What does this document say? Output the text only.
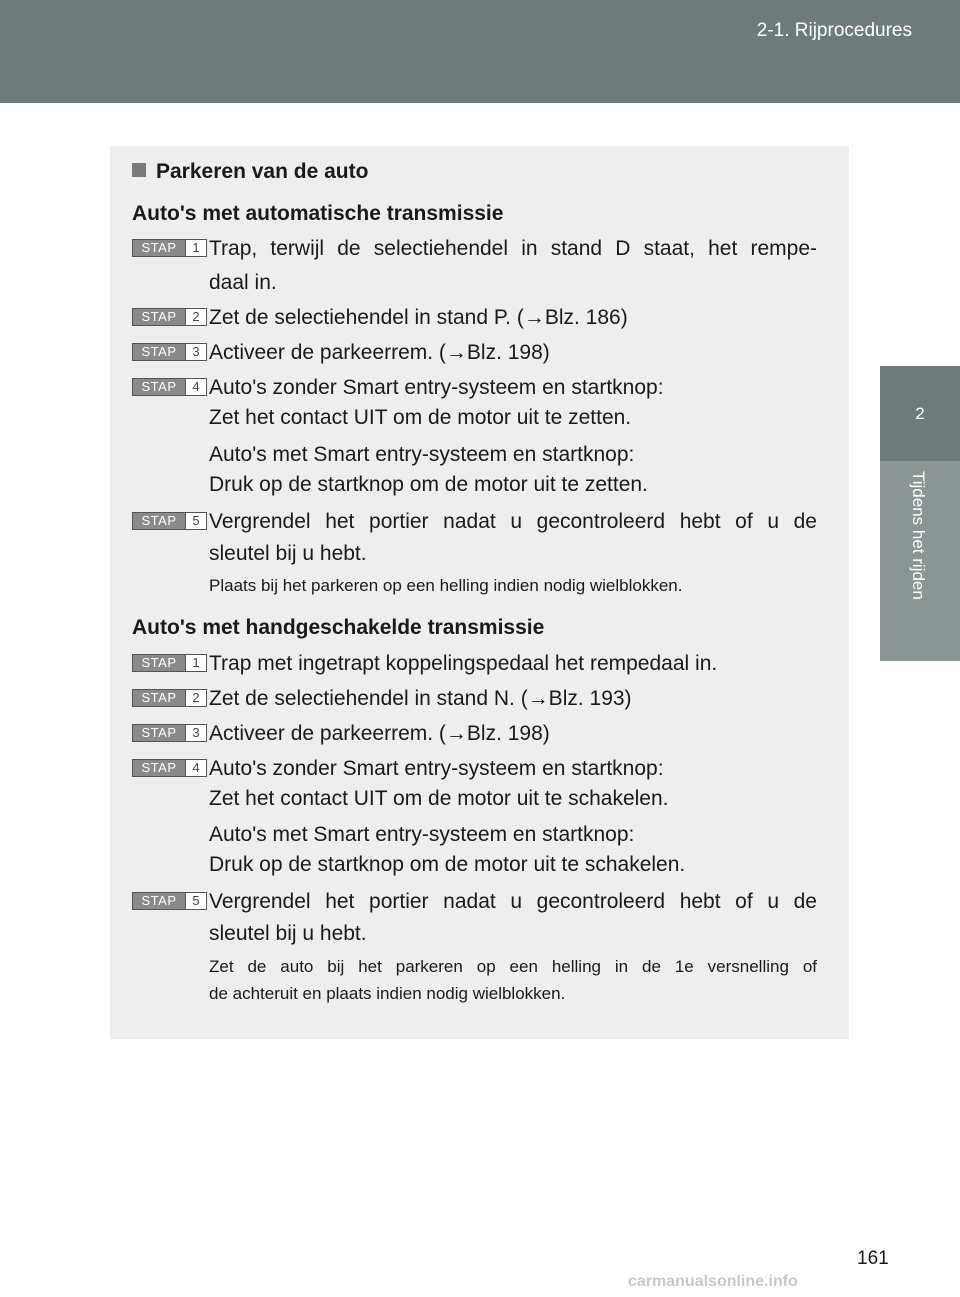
2-1. Rijprocedures
2
Tijdens het rijden
Parkeren van de auto
Auto's met automatische transmissie
STAP	1 Trap, terwijl de selectiehendel in stand D staat, het rempe-
daal in.
STAP	2 Zet de selectiehendel in stand P. (→Blz. 186)
STAP	3 Activeer de parkeerrem. (→Blz. 198)
STAP	4 Auto's zonder Smart entry-systeem en startknop:
Zet het contact UIT om de motor uit te zetten.
Auto's met Smart entry-systeem en startknop:
Druk op de startknop om de motor uit te zetten.
STAP	5 Vergrendel het portier nadat u gecontroleerd hebt of u de
sleutel bij u hebt.
Plaats bij het parkeren op een helling indien nodig wielblokken.
Auto's met handgeschakelde transmissie
STAP	1 Trap met ingetrapt koppelingspedaal het rempedaal in.
STAP	2 Zet de selectiehendel in stand N. (→Blz. 193)
STAP	3 Activeer de parkeerrem. (→Blz. 198)
STAP	4 Auto's zonder Smart entry-systeem en startknop:
Zet het contact UIT om de motor uit te schakelen.
Auto's met Smart entry-systeem en startknop:
Druk op de startknop om de motor uit te schakelen.
STAP	5 Vergrendel het portier nadat u gecontroleerd hebt of u de
sleutel bij u hebt.
Zet de auto bij het parkeren op een helling in de 1e versnelling of
de achteruit en plaats indien nodig wielblokken.
161
carmanualsonline.info
